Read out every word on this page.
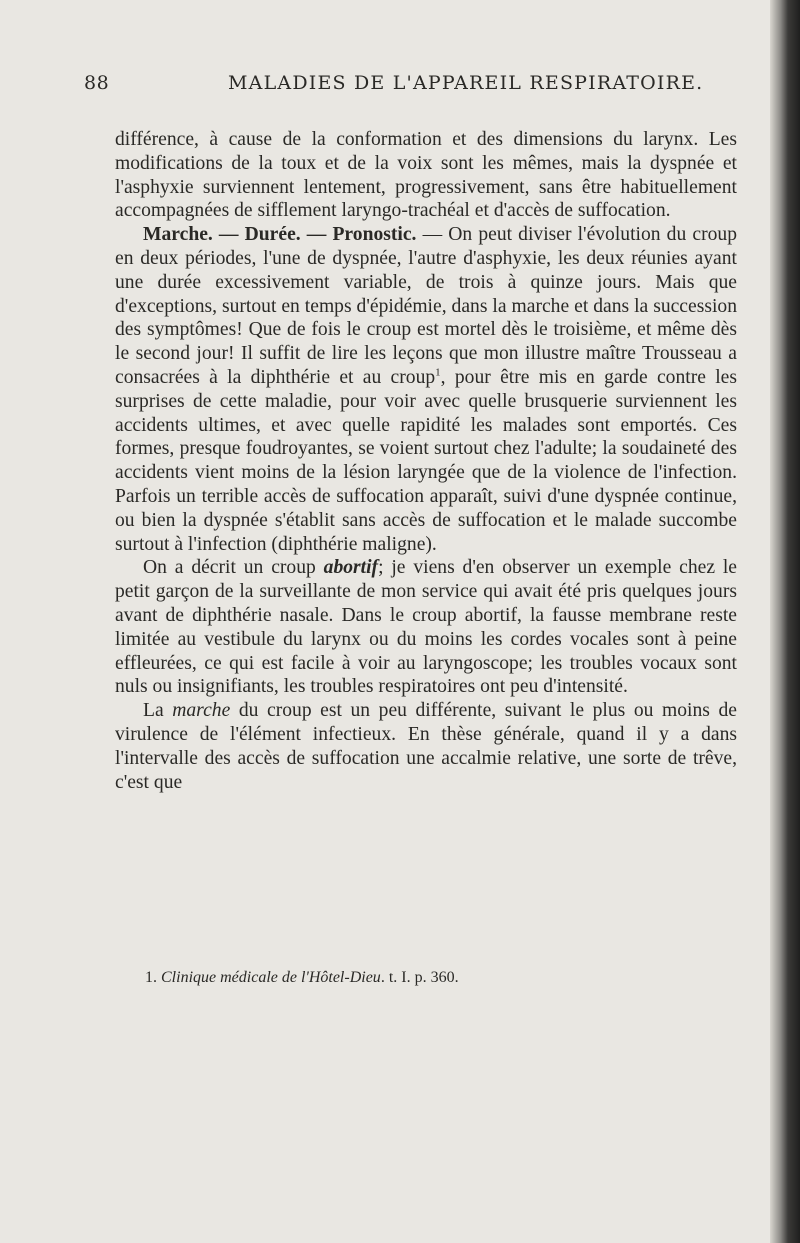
88	MALADIES DE L'APPAREIL RESPIRATOIRE.

différence, à cause de la conformation et des dimensions du larynx. Les modifications de la toux et de la voix sont les mêmes, mais la dyspnée et l'asphyxie surviennent lentement, progressivement, sans être habituellement accompagnées de sifflement laryngo-trachéal et d'accès de suffocation.

Marche. — Durée. — Pronostic. — On peut diviser l'évolution du croup en deux périodes, l'une de dyspnée, l'autre d'asphyxie, les deux réunies ayant une durée excessivement variable, de trois à quinze jours. Mais que d'exceptions, surtout en temps d'épidémie, dans la marche et dans la succession des symptômes! Que de fois le croup est mortel dès le troisième, et même dès le second jour! Il suffit de lire les leçons que mon illustre maître Trousseau a consacrées à la diphthérie et au croup$^1$, pour être mis en garde contre les surprises de cette maladie, pour voir avec quelle brusquerie surviennent les accidents ultimes, et avec quelle rapidité les malades sont emportés. Ces formes, presque foudroyantes, se voient surtout chez l'adulte; la soudaineté des accidents vient moins de la lésion laryngée que de la violence de l'infection. Parfois un terrible accès de suffocation apparaît, suivi d'une dyspnée continue, ou bien la dyspnée s'établit sans accès de suffocation et le malade succombe surtout à l'infection (diphthérie maligne).

On a décrit un croup abortif; je viens d'en observer un exemple chez le petit garçon de la surveillante de mon service qui avait été pris quelques jours avant de diphthérie nasale. Dans le croup abortif, la fausse membrane reste limitée au vestibule du larynx ou du moins les cordes vocales sont à peine effleurées, ce qui est facile à voir au laryngoscope; les troubles vocaux sont nuls ou insignifiants, les troubles respiratoires ont peu d'intensité.

La marche du croup est un peu différente, suivant le plus ou moins de virulence de l'élément infectieux. En thèse générale, quand il y a dans l'intervalle des accès de suffocation une accalmie relative, une sorte de trêve, c'est que

1. Clinique médicale de l'Hôtel-Dieu. t. I. p. 360.
